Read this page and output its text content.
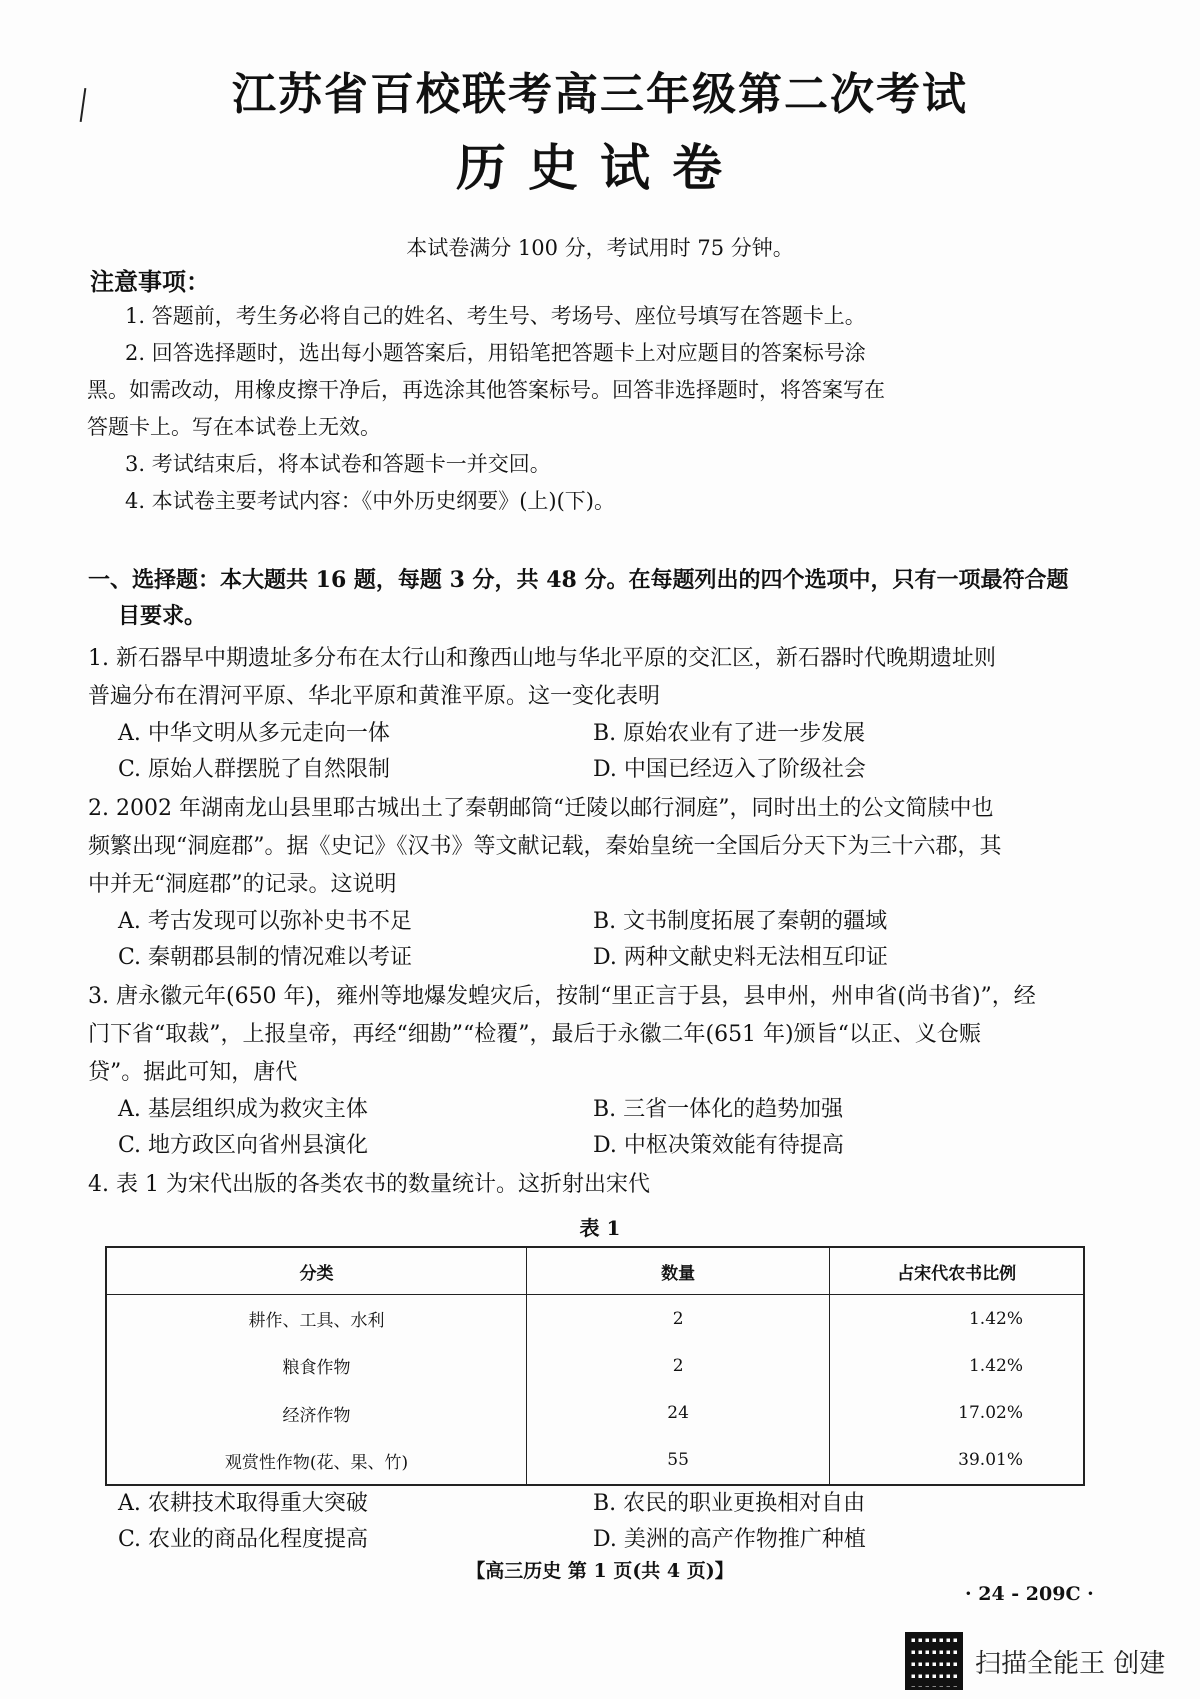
江苏省百校联考高三年级第二次考试
历史试卷
本试卷满分 100 分，考试用时 75 分钟。
注意事项：

1. 答题前，考生务必将自己的姓名、考生号、考场号、座位号填写在答题卡上。

2. 回答选择题时，选出每小题答案后，用铅笔把答题卡上对应题目的答案标号涂

黑。如需改动，用橡皮擦干净后，再选涂其他答案标号。回答非选择题时，将答案写在

答题卡上。写在本试卷上无效。

3. 考试结束后，将本试卷和答题卡一并交回。

4. 本试卷主要考试内容：《中外历史纲要》(上)(下)。

一、选择题：本大题共 16 题，每题 3 分，共 48 分。在每题列出的四个选项中，只有一项最符合题
目要求。

1. 新石器早中期遗址多分布在太行山和豫西山地与华北平原的交汇区，新石器时代晚期遗址则

普遍分布在渭河平原、华北平原和黄淮平原。这一变化表明

A. 中华文明从多元走向一体	B. 原始农业有了进一步发展
C. 原始人群摆脱了自然限制	D. 中国已经迈入了阶级社会

2. 2002 年湖南龙山县里耶古城出土了秦朝邮筒“迁陵以邮行洞庭”，同时出土的公文简牍中也

频繁出现“洞庭郡”。据《史记》《汉书》等文献记载，秦始皇统一全国后分天下为三十六郡，其

中并无“洞庭郡”的记录。这说明

A. 考古发现可以弥补史书不足	B. 文书制度拓展了秦朝的疆域
C. 秦朝郡县制的情况难以考证	D. 两种文献史料无法相互印证

3. 唐永徽元年(650 年)，雍州等地爆发蝗灾后，按制“里正言于县，县申州，州申省(尚书省)”，经

门下省“取裁”，上报皇帝，再经“细勘”“检覆”，最后于永徽二年(651 年)颁旨“以正、义仓赈

贷”。据此可知，唐代

A. 基层组织成为救灾主体	B. 三省一体化的趋势加强
C. 地方政区向省州县演化	D. 中枢决策效能有待提高

4. 表 1 为宋代出版的各类农书的数量统计。这折射出宋代

表 1
分类	数量	占宋代农书比例
耕作、工具、水利	2	1.42%
粮食作物	2	1.42%
经济作物	24	17.02%
观赏性作物(花、果、竹)	55	39.01%
A. 农耕技术取得重大突破	B. 农民的职业更换相对自由
C. 农业的商品化程度提高	D. 美洲的高产作物推广种植
【高三历史 第 1 页(共 4 页)】
· 24 - 209C ·
扫描全能王 创建
